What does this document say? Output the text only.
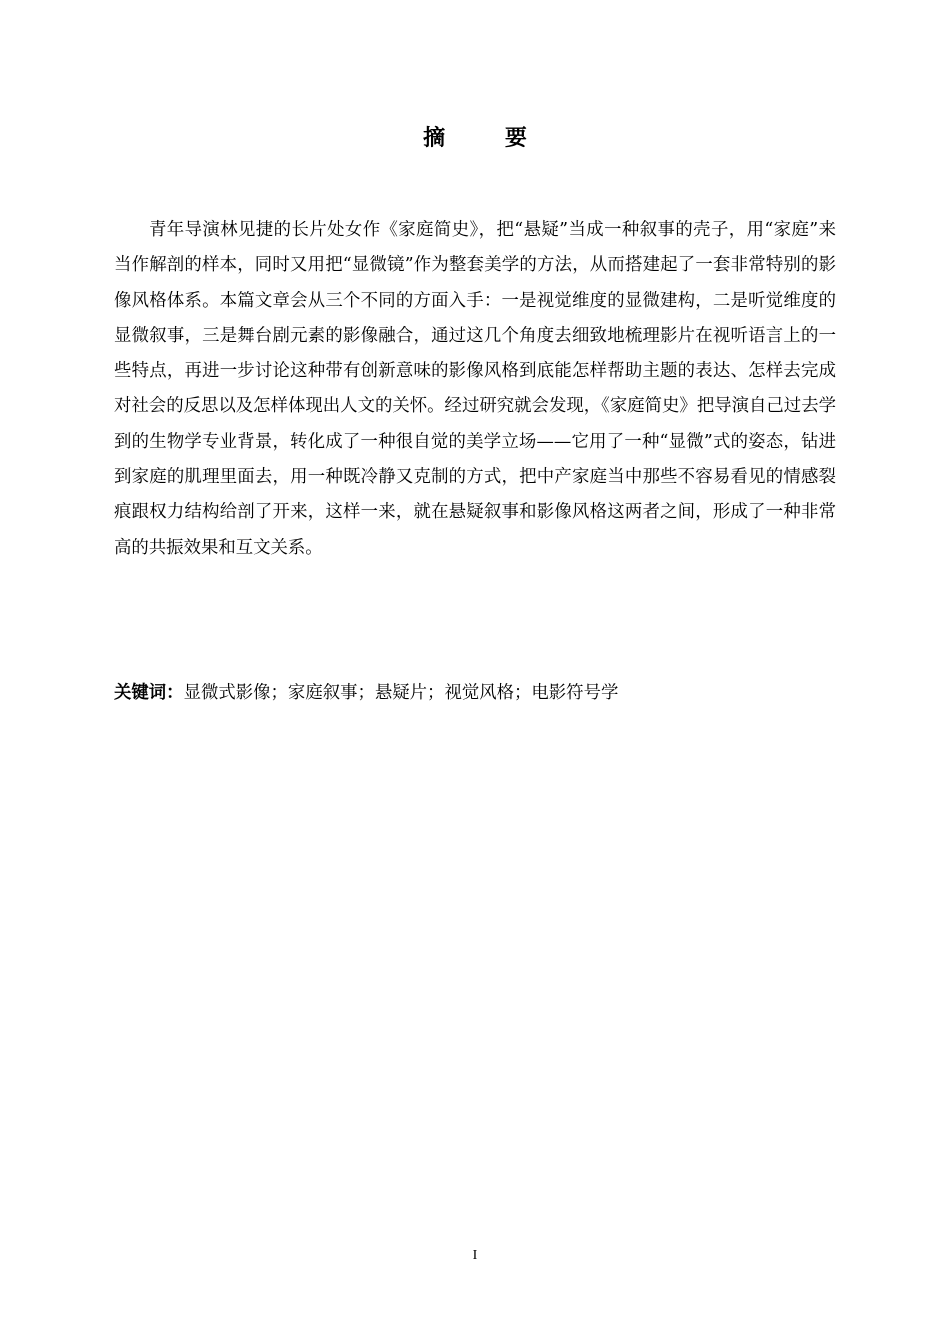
摘 要

青年导演林见捷的长片处女作《家庭简史》，把“悬疑”当成一种叙事的壳子，用“家庭”来当作解剖的样本，同时又用把“显微镜”作为整套美学的方法，从而搭建起了一套非常特别的影像风格体系。本篇文章会从三个不同的方面入手：一是视觉维度的显微建构，二是听觉维度的显微叙事，三是舞台剧元素的影像融合，通过这几个角度去细致地梳理影片在视听语言上的一些特点，再进一步讨论这种带有创新意味的影像风格到底能怎样帮助主题的表达、怎样去完成对社会的反思以及怎样体现出人文的关怀。经过研究就会发现，《家庭简史》把导演自己过去学到的生物学专业背景，转化成了一种很自觉的美学立场——它用了一种“显微”式的姿态，钻进到家庭的肌理里面去，用一种既冷静又克制的方式，把中产家庭当中那些不容易看见的情感裂痕跟权力结构给剖了开来，这样一来，就在悬疑叙事和影像风格这两者之间，形成了一种非常高的共振效果和互文关系。

关键词：显微式影像；家庭叙事；悬疑片；视觉风格；电影符号学
I
